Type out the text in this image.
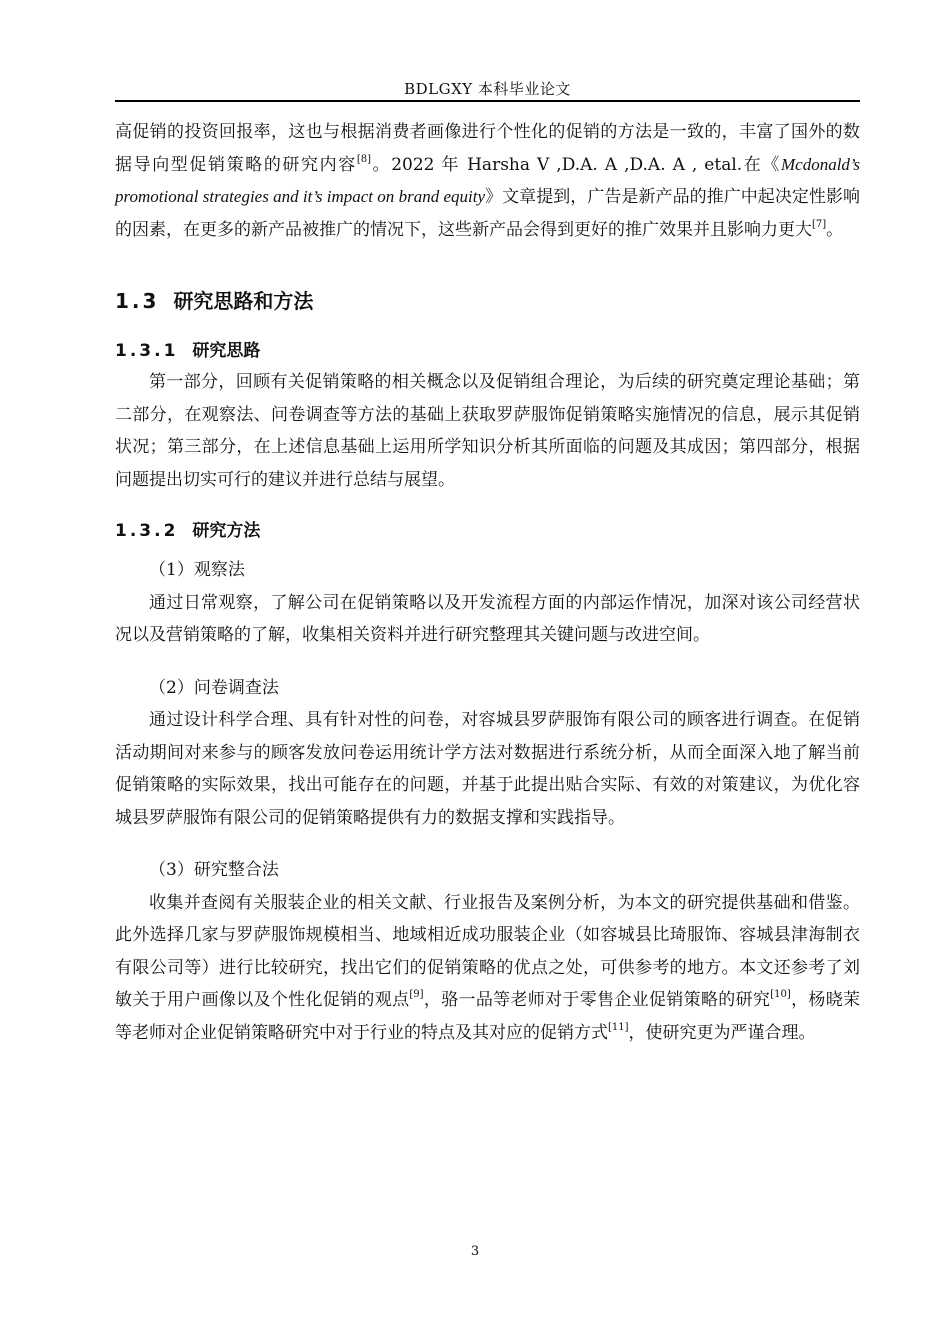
BDLGXY 本科毕业论文

高促销的投资回报率，这也与根据消费者画像进行个性化的促销的方法是一致的，丰富了国外的数据导向型促销策略的研究内容[8]。2022 年 Harsha V ,D.A. A ,D.A. A , etal.在《Mcdonald’s promotional strategies and it’s impact on brand equity》文章提到，广告是新产品的推广中起决定性影响的因素，在更多的新产品被推广的情况下，这些新产品会得到更好的推广效果并且影响力更大[7]。

1.3 研究思路和方法
1.3.1 研究思路

第一部分，回顾有关促销策略的相关概念以及促销组合理论，为后续的研究奠定理论基础；第二部分，在观察法、问卷调查等方法的基础上获取罗萨服饰促销策略实施情况的信息，展示其促销状况；第三部分，在上述信息基础上运用所学知识分析其所面临的问题及其成因；第四部分，根据问题提出切实可行的建议并进行总结与展望。

1.3.2 研究方法
（1）观察法

通过日常观察，了解公司在促销策略以及开发流程方面的内部运作情况，加深对该公司经营状况以及营销策略的了解，收集相关资料并进行研究整理其关键问题与改进空间。

（2）问卷调查法

通过设计科学合理、具有针对性的问卷，对容城县罗萨服饰有限公司的顾客进行调查。在促销活动期间对来参与的顾客发放问卷运用统计学方法对数据进行系统分析，从而全面深入地了解当前促销策略的实际效果，找出可能存在的问题，并基于此提出贴合实际、有效的对策建议，为优化容城县罗萨服饰有限公司的促销策略提供有力的数据支撑和实践指导。

（3）研究整合法

收集并查阅有关服装企业的相关文献、行业报告及案例分析，为本文的研究提供基础和借鉴。此外选择几家与罗萨服饰规模相当、地域相近成功服装企业（如容城县比琦服饰、容城县津海制衣有限公司等）进行比较研究，找出它们的促销策略的优点之处，可供参考的地方。本文还参考了刘敏关于用户画像以及个性化促销的观点[9]，骆一品等老师对于零售企业促销策略的研究[10]，杨晓茉等老师对企业促销策略研究中对于行业的特点及其对应的促销方式[11]，使研究更为严谨合理。

3
